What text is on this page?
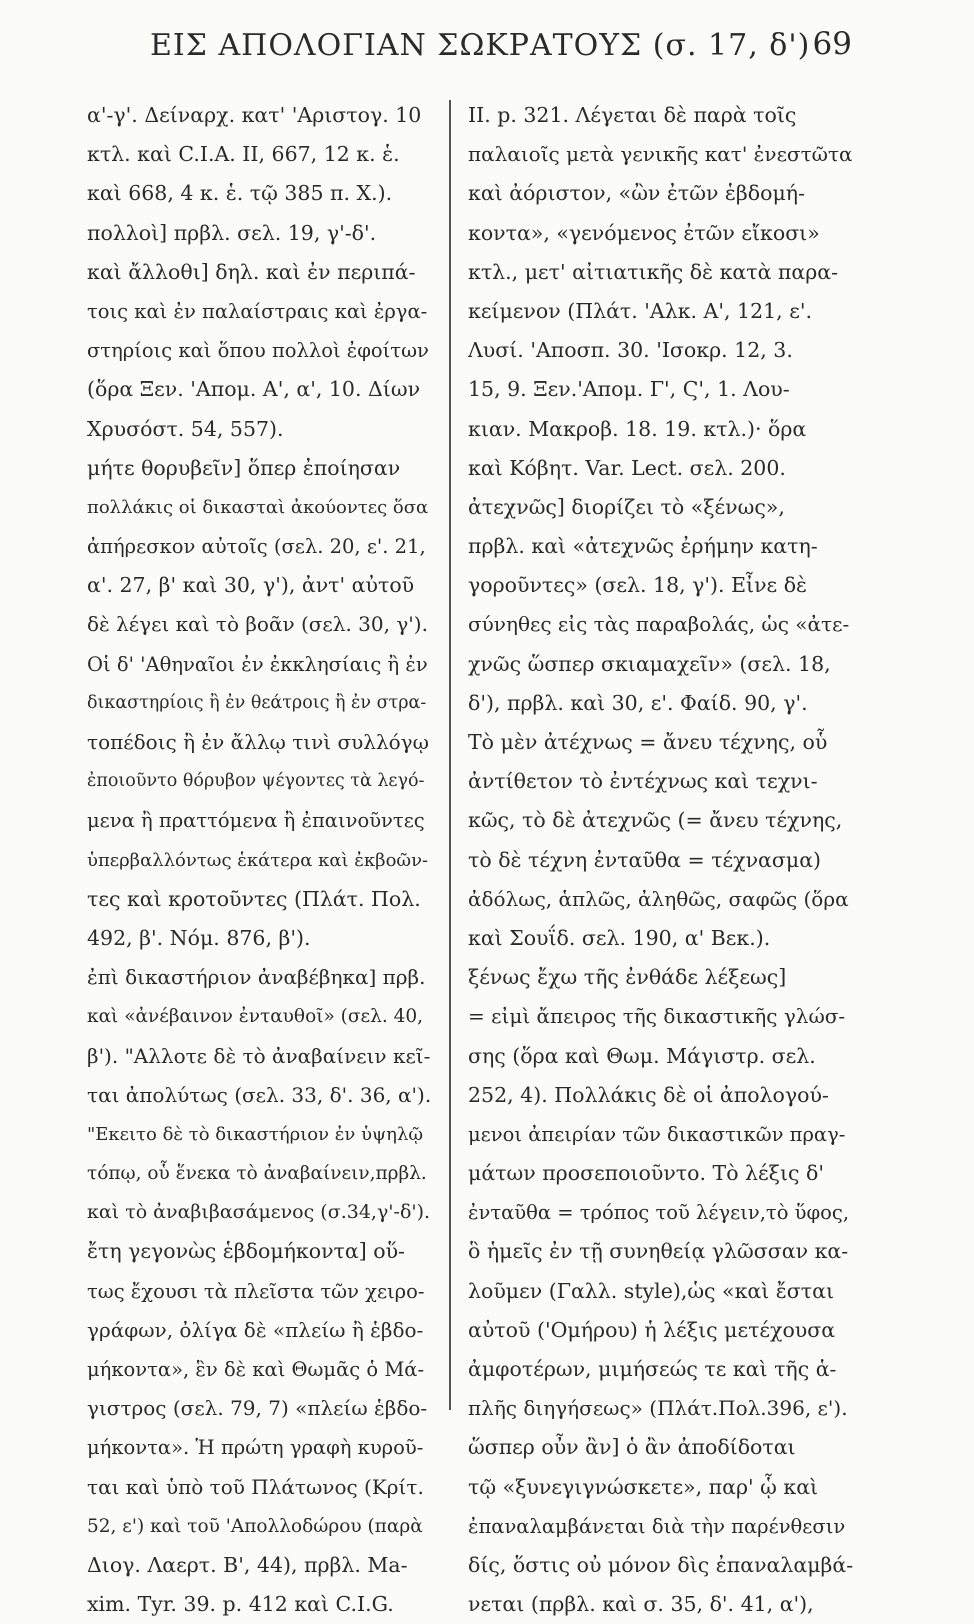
ΕΙΣ ΑΠΟΛΟΓΙΑΝ ΣΩΚΡΑΤΟΥΣ (σ. 17, δ') 69
α'-γ'. Δείναρχ. κατ' 'Αριστογ. 10
κτλ. καὶ C.I.A. II, 667, 12 κ. ἑ.
καὶ 668, 4 κ. ἑ. τῷ 385 π. Χ.).
πολλοὶ] πρβλ. σελ. 19, γ'-δ'.
καὶ ἄλλοθι] δηλ. καὶ ἐν περιπά-
τοις καὶ ἐν παλαίστραις καὶ ἐργα-
στηρίοις καὶ ὅπου πολλοὶ ἐφοίτων
(ὅρα Ξεν. 'Απομ. Α', α', 10. Δίων
Χρυσόστ. 54, 557).
μήτε θορυβεῖν] ὅπερ ἐποίησαν
πολλάκις οἱ δικασταὶ ἀκούοντες ὅσα
ἀπήρεσκον αὐτοῖς (σελ. 20, ε'. 21,
α'. 27, β' καὶ 30, γ'), ἀντ' αὐτοῦ
δὲ λέγει καὶ τὸ βοᾶν (σελ. 30, γ').
Οἱ δ' 'Αθηναῖοι ἐν ἐκκλησίαις ἢ ἐν
δικαστηρίοις ἢ ἐν θεάτροις ἢ ἐν στρα-
τοπέδοις ἢ ἐν ἄλλῳ τινὶ συλλόγῳ
ἐποιοῦντο θόρυβον ψέγοντες τὰ λεγό-
μενα ἢ πραττόμενα ἢ ἐπαινοῦντες
ὑπερβαλλόντως ἑκάτερα καὶ ἐκβοῶν-
τες καὶ κροτοῦντες (Πλάτ. Πολ.
492, β'. Νόμ. 876, β').
ἐπὶ δικαστήριον ἀναβέβηκα] πρβ.
καὶ «ἀνέβαινον ἐνταυθοῖ» (σελ. 40,
β'). "Αλλοτε δὲ τὸ ἀναβαίνειν κεῖ-
ται ἀπολύτως (σελ. 33, δ'. 36, α').
"Εκειτο δὲ τὸ δικαστήριον ἐν ὑψηλῷ
τόπῳ, οὗ ἕνεκα τὸ ἀναβαίνειν,πρβλ.
καὶ τὸ ἀναβιβασάμενος (σ.34,γ'-δ').
ἔτη γεγονὼς ἑβδομήκοντα] οὕ-
τως ἔχουσι τὰ πλεῖστα τῶν χειρο-
γράφων, ὀλίγα δὲ «πλείω ἢ ἑβδο-
μήκοντα», ἓν δὲ καὶ Θωμᾶς ὁ Μά-
γιστρος (σελ. 79, 7) «πλείω ἑβδο-
μήκοντα». Ἡ πρώτη γραφὴ κυροῦ-
ται καὶ ὑπὸ τοῦ Πλάτωνος (Κρίτ.
52, ε') καὶ τοῦ 'Απολλοδώρου (παρὰ
Διογ. Λαερτ. Β', 44), πρβλ. Ma-
xim. Tyr. 39. p. 412 καὶ C.I.G.
II. p. 321. Λέγεται δὲ παρὰ τοῖς
παλαιοῖς μετὰ γενικῆς κατ' ἐνεστῶτα
καὶ ἀόριστον, «ὢν ἐτῶν ἑβδομή-
κοντα», «γενόμενος ἐτῶν εἴκοσι»
κτλ., μετ' αἰτιατικῆς δὲ κατὰ παρα-
κείμενον (Πλάτ. 'Αλκ. Α', 121, ε'.
Λυσί. 'Αποσπ. 30. 'Ισοκρ. 12, 3.
15, 9. Ξεν.'Απομ. Γ', Ϛ', 1. Λου-
κιαν. Μακροβ. 18. 19. κτλ.)· ὅρα
καὶ Κόβητ. Var. Lect. σελ. 200.
ἀτεχνῶς] διορίζει τὸ «ξένως»,
πρβλ. καὶ «ἀτεχνῶς ἐρήμην κατη-
γοροῦντες» (σελ. 18, γ'). Εἶνε δὲ
σύνηθες εἰς τὰς παραβολάς, ὡς «ἀτε-
χνῶς ὥσπερ σκιαμαχεῖν» (σελ. 18,
δ'), πρβλ. καὶ 30, ε'. Φαίδ. 90, γ'.
Τὸ μὲν ἀτέχνως = ἄνευ τέχνης, οὗ
ἀντίθετον τὸ ἐντέχνως καὶ τεχνι-
κῶς, τὸ δὲ ἀτεχνῶς (= ἄνευ τέχνης,
τὸ δὲ τέχνη ἐνταῦθα = τέχνασμα)
ἀδόλως, ἁπλῶς, ἀληθῶς, σαφῶς (ὅρα
καὶ Σουΐδ. σελ. 190, α' Βεκ.).
ξένως ἔχω τῆς ἐνθάδε λέξεως]
= εἰμὶ ἄπειρος τῆς δικαστικῆς γλώσ-
σης (ὅρα καὶ Θωμ. Μάγιστρ. σελ.
252, 4). Πολλάκις δὲ οἱ ἀπολογού-
μενοι ἀπειρίαν τῶν δικαστικῶν πραγ-
μάτων προσεποιοῦντο. Τὸ λέξις δ'
ἐνταῦθα = τρόπος τοῦ λέγειν,τὸ ὕφος,
ὃ ἡμεῖς ἐν τῇ συνηθείᾳ γλῶσσαν κα-
λοῦμεν (Γαλλ. style),ὡς «καὶ ἔσται
αὐτοῦ ('Ομήρου) ἡ λέξις μετέχουσα
ἀμφοτέρων, μιμήσεώς τε καὶ τῆς ἁ-
πλῆς διηγήσεως» (Πλάτ.Πολ.396, ε').
ὥσπερ οὖν ἂν] ὁ ἂν ἀποδίδοται
τῷ «ξυνεγιγνώσκετε», παρ' ᾧ καὶ
ἐπαναλαμβάνεται διὰ τὴν παρένθεσιν
δίς, ὅστις οὐ μόνον δὶς ἐπαναλαμβά-
νεται (πρβλ. καὶ σ. 35, δ'. 41, α'),
